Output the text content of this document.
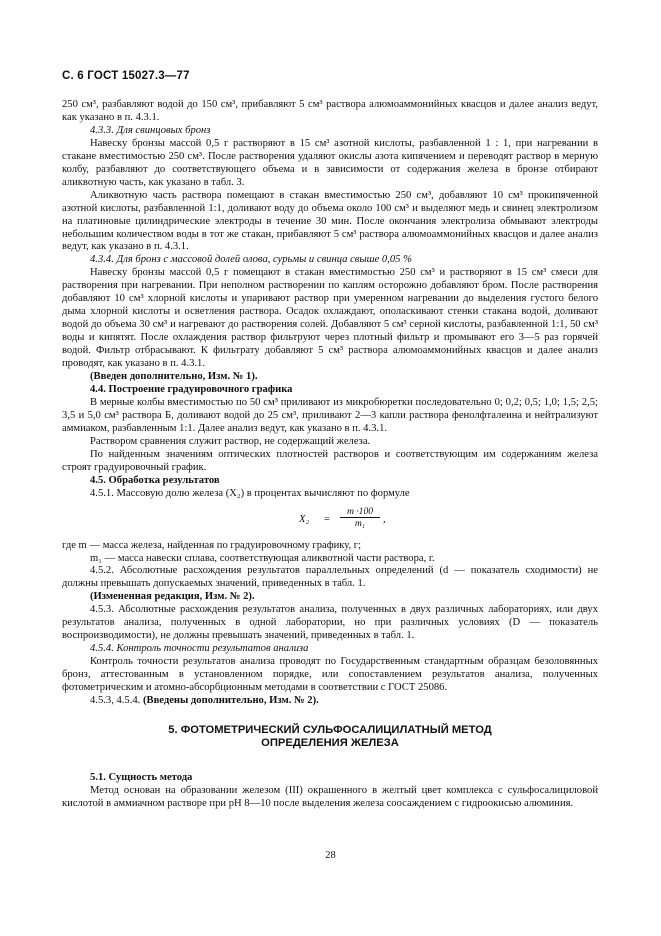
С. 6 ГОСТ 15027.3—77

250 см³, разбавляют водой до 150 см³, прибавляют 5 см³ раствора алюмоаммонийных квасцов и далее анализ ведут, как указано в п. 4.3.1.

4.3.3. Для свинцовых бронз

Навеску бронзы массой 0,5 г растворяют в 15 см³ азотной кислоты, разбавленной 1 : 1, при нагревании в стакане вместимостью 250 см³. После растворения удаляют окислы азота кипячением и переводят раствор в мерную колбу, разбавляют до соответствующего объема и в зависимости от содержания железа в бронзе отбирают аликвотную часть, как указано в табл. 3.

Аликвотную часть раствора помещают в стакан вместимостью 250 см³, добавляют 10 см³ прокипяченной азотной кислоты, разбавленной 1:1, доливают воду до объема около 100 см³ и выделяют медь и свинец электролизом на платиновые цилиндрические электроды в течение 30 мин. После окончания электролиза обмывают электроды небольшим количеством воды в тот же стакан, прибавляют 5 см³ раствора алюмоаммонийных квасцов и далее анализ ведут, как указано в п. 4.3.1.

4.3.4. Для бронз с массовой долей олова, сурьмы и свинца свыше 0,05 %

Навеску бронзы массой 0,5 г помещают в стакан вместимостью 250 см³ и растворяют в 15 см³ смеси для растворения при нагревании. При неполном растворении по каплям осторожно добавляют бром. После растворения добавляют 10 см³ хлорной кислоты и упаривают раствор при умеренном нагревании до выделения густого белого дыма хлорной кислоты и осветления раствора. Осадок охлаждают, ополаскивают стенки стакана водой, доливают водой до объема 30 см³ и нагревают до растворения солей. Добавляют 5 см³ серной кислоты, разбавленной 1:1, 50 см³ воды и кипятят. После охлаждения раствор фильтруют через плотный фильтр и промывают его 3—5 раз горячей водой. Фильтр отбрасывают. К фильтрату добавляют 5 см³ раствора алюмоаммонийных квасцов и далее анализ проводят, как указано в п. 4.3.1.

(Введен дополнительно, Изм. № 1).

4.4. Построение градуировочного графика

В мерные колбы вместимостью по 50 см³ приливают из микробюретки последовательно 0; 0,2; 0,5; 1,0; 1,5; 2,5; 3,5 и 5,0 см³ раствора Б, доливают водой до 25 см³, приливают 2—3 капли раствора фенолфталеина и нейтрализуют аммиаком, разбавленным 1:1. Далее анализ ведут, как указано в п. 4.3.1.

Раствором сравнения служит раствор, не содержащий железа.

По найденным значениям оптических плотностей растворов и соответствующим им содержаниям железа строят градуировочный график.

4.5. Обработка результатов

4.5.1. Массовую долю железа (X₂) в процентах вычисляют по формуле

$X_2 = \frac{m \cdot 100}{\text{m₁}}$ ,

где m — масса железа, найденная по градуировочному графику, г;

m₁ — масса навески сплава, соответствующая аликвотной части раствора, г.

4.5.2. Абсолютные расхождения результатов параллельных определений (d — показатель сходимости) не должны превышать допускаемых значений, приведенных в табл. 1.

(Измененная редакция, Изм. № 2).

4.5.3. Абсолютные расхождения результатов анализа, полученных в двух различных лабораториях, или двух результатов анализа, полученных в одной лаборатории, но при различных условиях (D — показатель воспроизводимости), не должны превышать значений, приведенных в табл. 1.

4.5.4. Контроль точности результатов анализа

Контроль точности результатов анализа проводят по Государственным стандартным образцам безоловянных бронз, аттестованным в установленном порядке, или сопоставлением результатов анализа, полученных фотометрическим и атомно-абсорбционным методами в соответствии с ГОСТ 25086.

4.5.3, 4.5.4. (Введены дополнительно, Изм. № 2).

5. ФОТОМЕТРИЧЕСКИЙ СУЛЬФОСАЛИЦИЛАТНЫЙ МЕТОД
ОПРЕДЕЛЕНИЯ ЖЕЛЕЗА

5.1. Сущность метода

Метод основан на образовании железом (III) окрашенного в желтый цвет комплекса с сульфосалициловой кислотой в аммиачном растворе при pH 8—10 после выделения железа соосаждением с гидроокисью алюминия.

28
